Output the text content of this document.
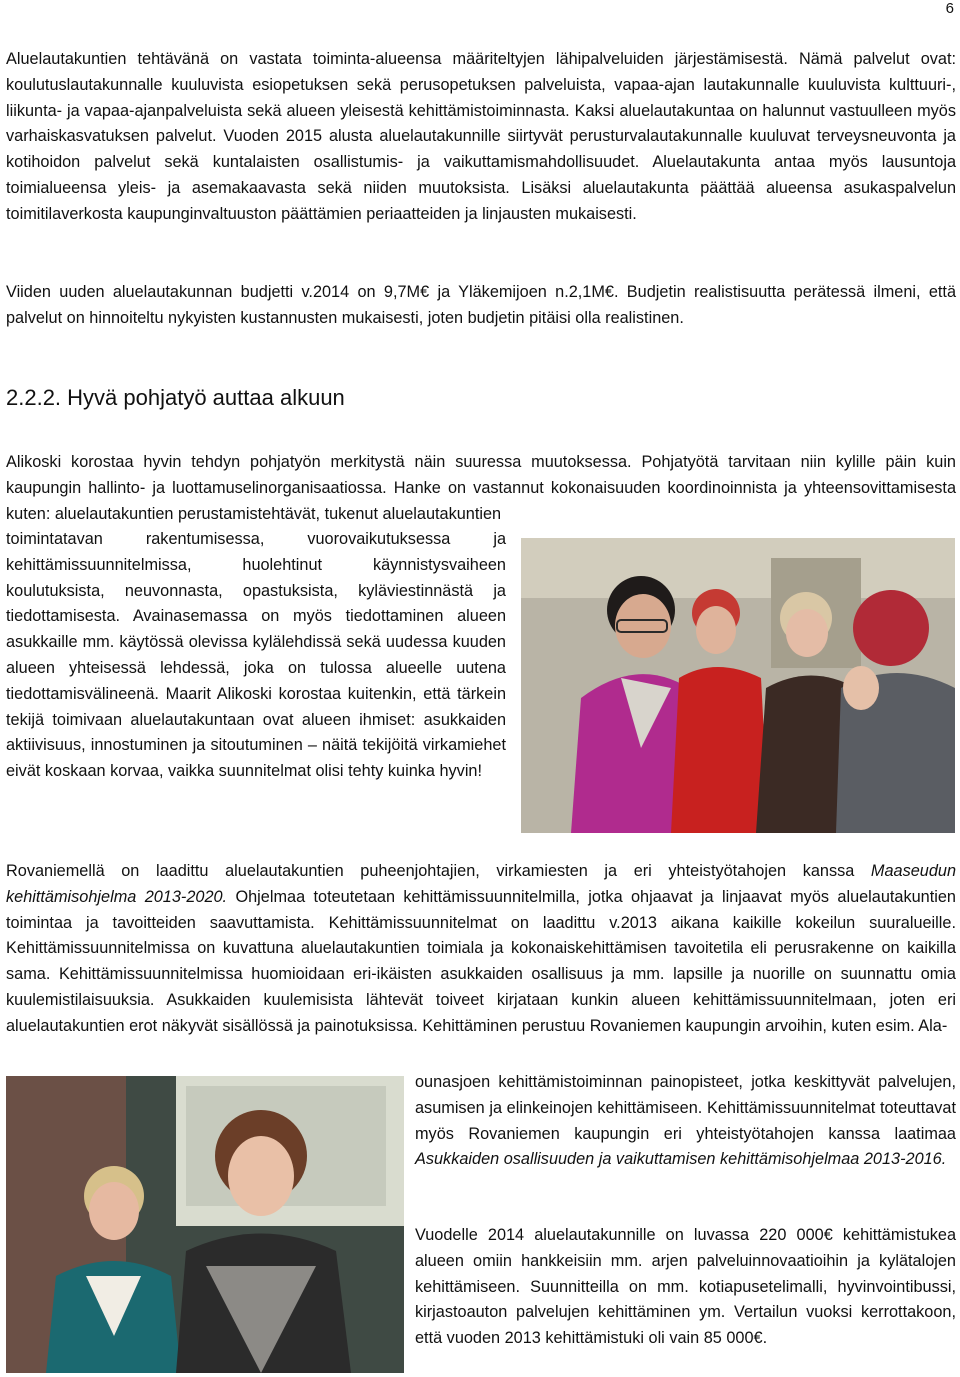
6

Aluelautakuntien tehtävänä on vastata toiminta-alueensa määriteltyjen lähipalveluiden järjestämisestä. Nämä palvelut ovat: koulutuslautakunnalle kuuluvista esiopetuksen sekä perusopetuksen palveluista, vapaa-ajan lautakunnalle kuuluvista kulttuuri-, liikunta- ja vapaa-ajanpalveluista sekä alueen yleisestä kehittämistoiminnasta. Kaksi aluelautakuntaa on halunnut vastuulleen myös varhaiskasvatuksen palvelut. Vuoden 2015 alusta aluelautakunnille siirtyvät perusturvalautakunnalle kuuluvat terveysneuvonta ja kotihoidon palvelut sekä kuntalaisten osallistumis- ja vaikuttamismahdollisuudet. Aluelautakunta antaa myös lausuntoja toimialueensa yleis- ja asemakaavasta sekä niiden muutoksista. Lisäksi aluelautakunta päättää alueensa asukaspalvelun toimitilaverkosta kaupunginvaltuuston päättämien periaatteiden ja linjausten mukaisesti.

Viiden uuden aluelautakunnan budjetti v.2014 on 9,7M€ ja Yläkemijoen n.2,1M€. Budjetin realistisuutta perätessä ilmeni, että palvelut on hinnoiteltu nykyisten kustannusten mukaisesti, joten budjetin pitäisi olla realistinen.

2.2.2. Hyvä pohjatyö auttaa alkuun

Alikoski korostaa hyvin tehdyn pohjatyön merkitystä näin suuressa muutoksessa. Pohjatyötä tarvitaan niin kylille päin kuin kaupungin hallinto- ja luottamuselinorganisaatiossa. Hanke on vastannut kokonaisuuden koordinoinnista ja yhteensovittamisesta kuten: aluelautakuntien perustamistehtävät, tukenut aluelautakuntien

toimintatavan rakentumisessa, vuorovaikutuksessa ja kehittämissuunnitelmissa, huolehtinut käynnistysvaiheen koulutuksista, neuvonnasta, opastuksista, kyläviestinnästä ja tiedottamisesta. Avainasemassa on myös tiedottaminen alueen asukkaille mm. käytössä olevissa kylälehdissä sekä uudessa kuuden alueen yhteisessä lehdessä, joka on tulossa alueelle uutena tiedottamisvälineenä. Maarit Alikoski korostaa kuitenkin, että tärkein tekijä toimivaan aluelautakuntaan ovat alueen ihmiset: asukkaiden aktiivisuus, innostuminen ja sitoutuminen – näitä tekijöitä virkamiehet eivät koskaan korvaa, vaikka suunnitelmat olisi tehty kuinka hyvin!

Rovaniemellä on laadittu aluelautakuntien puheenjohtajien, virkamiesten ja eri yhteistyötahojen kanssa Maaseudun kehittämisohjelma 2013-2020. Ohjelmaa toteutetaan kehittämissuunnitelmilla, jotka ohjaavat ja linjaavat myös aluelautakuntien toimintaa ja tavoitteiden saavuttamista. Kehittämissuunnitelmat on laadittu v.2013 aikana kaikille kokeilun suuralueille. Kehittämissuunnitelmissa on kuvattuna aluelautakuntien toimiala ja kokonaiskehittämisen tavoitetila eli perusrakenne on kaikilla sama. Kehittämissuunnitelmissa huomioidaan eri-ikäisten asukkaiden osallisuus ja mm. lapsille ja nuorille on suunnattu omia kuulemistilaisuuksia. Asukkaiden kuulemisista lähtevät toiveet kirjataan kunkin alueen kehittämissuunnitelmaan, joten eri aluelautakuntien erot näkyvät sisällössä ja painotuksissa. Kehittäminen perustuu Rovaniemen kaupungin arvoihin, kuten esim. Ala-

ounasjoen kehittämistoiminnan painopisteet, jotka keskittyvät palvelujen, asumisen ja elinkeinojen kehittämiseen. Kehittämissuunnitelmat toteuttavat myös Rovaniemen kaupungin eri yhteistyötahojen kanssa laatimaa Asukkaiden osallisuuden ja vaikuttamisen kehittämisohjelmaa 2013-2016.

Vuodelle 2014 aluelautakunnille on luvassa 220 000€ kehittämistukea alueen omiin hankkeisiin mm. arjen palveluinnovaatioihin ja kylätalojen kehittämiseen. Suunnitteilla on mm. kotiapusetelimalli, hyvinvointibussi, kirjastoauton palvelujen kehittäminen ym. Vertailun vuoksi kerrottakoon, että vuoden 2013 kehittämistuki oli vain 85 000€.
